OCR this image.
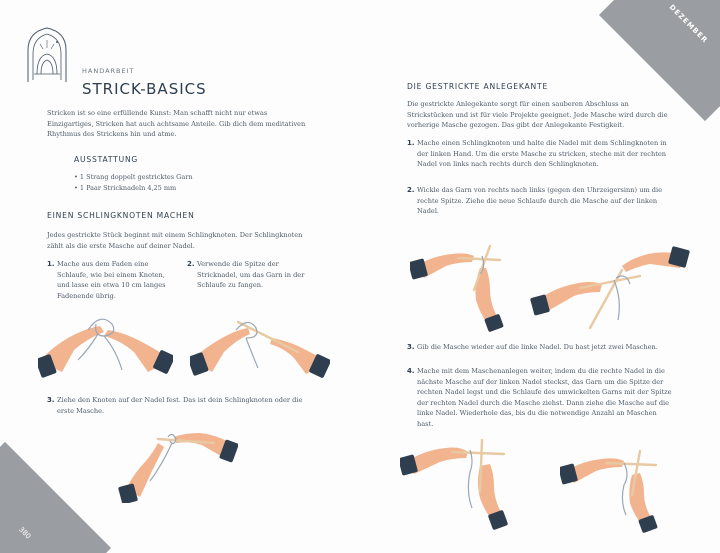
DEZEMBER
380
HANDARBEIT
STRICK-BASICS
Stricken ist so eine erfüllende Kunst: Man schafft nicht nur etwas Einzigartiges, Stricken hat auch achtsame Anteile. Gib dich dem meditativen Rhythmus des Strickens hin und atme.
AUSSTATTUNG
• 1 Strang doppelt gestricktes Garn
• 1 Paar Stricknadeln 4,25 mm
EINEN SCHLINGKNOTEN MACHEN
Jedes gestrickte Stück beginnt mit einem Schlingknoten. Der Schlingknoten zählt als die erste Masche auf deiner Nadel.
1. Mache aus dem Faden eine Schlaufe, wie bei einem Knoten, und lasse ein etwa 10 cm langes Fadenende übrig.
2. Verwende die Spitze der Stricknadel, um das Garn in der Schlaufe zu fangen.
3. Ziehe den Knoten auf der Nadel fest. Das ist dein Schlingknoten oder die erste Masche.
DIE GESTRICKTE ANLEGEKANTE
Die gestrickte Anlegekante sorgt für einen sauberen Abschluss an Strickstücken und ist für viele Projekte geeignet. Jede Masche wird durch die vorherige Masche gezogen. Das gibt der Anlegekante Festigkeit.
1. Mache einen Schlingknoten und halte die Nadel mit dem Schlingknoten in der linken Hand. Um die erste Masche zu stricken, steche mit der rechten Nadel von links nach rechts durch den Schlingknoten.
2. Wickle das Garn von rechts nach links (gegen den Uhrzeigersinn) um die rechte Spitze. Ziehe die neue Schlaufe durch die Masche auf der linken Nadel.
3. Gib die Masche wieder auf die linke Nadel. Du hast jetzt zwei Maschen.
4. Mache mit dem Maschenanlegen weiter, indem du die rechte Nadel in die nächste Masche auf der linken Nadel steckst, das Garn um die Spitze der rechten Nadel legst und die Schlaufe des umwickelten Garns mit der Spitze der rechten Nadel durch die Masche ziehst. Dann ziehe die Masche auf die linke Nadel. Wiederhole das, bis du die notwendige Anzahl an Maschen hast.
